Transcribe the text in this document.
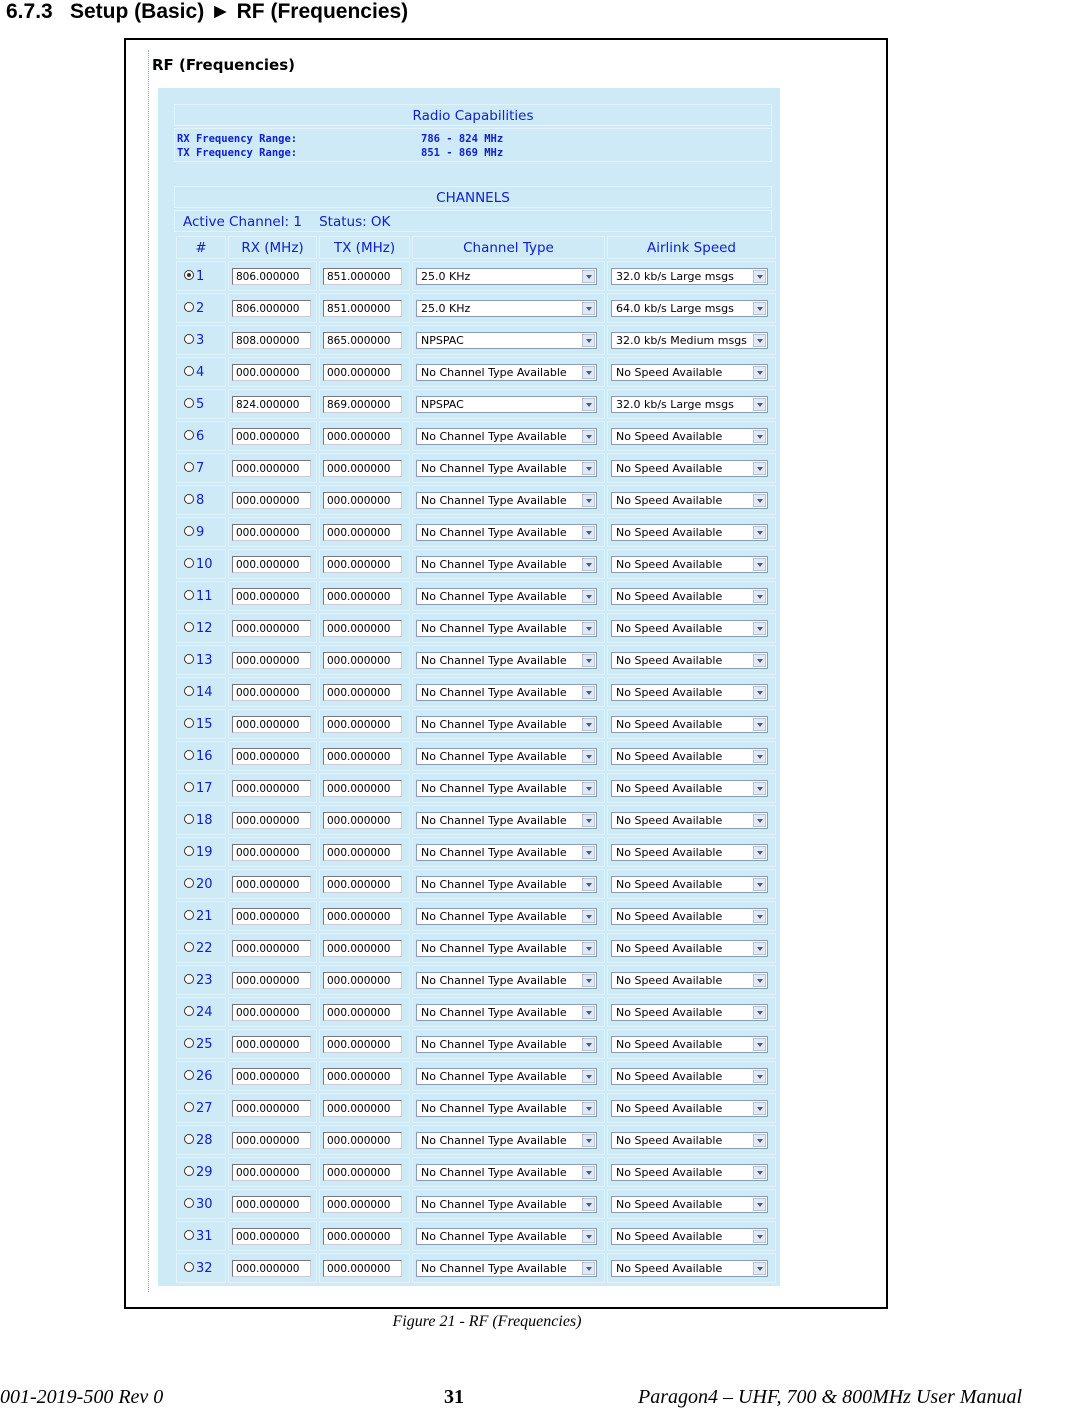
6.7.3 Setup (Basic) ► RF (Frequencies)
RF (Frequencies)
Radio Capabilities
RX Frequency Range:	786 - 824 MHz
TX Frequency Range:	851 - 869 MHz
CHANNELS
Active Channel: 1 Status: OK
#	RX (MHz)	TX (MHz)	Channel Type	Airlink Speed
1	806.000000	851.000000	25.0 KHz	32.0 kb/s Large msgs

2	806.000000	851.000000	25.0 KHz	64.0 kb/s Large msgs

3	808.000000	865.000000	NPSPAC	32.0 kb/s Medium msgs

4	000.000000	000.000000	No Channel Type Available	No Speed Available

5	824.000000	869.000000	NPSPAC	32.0 kb/s Large msgs

6	000.000000	000.000000	No Channel Type Available	No Speed Available

7	000.000000	000.000000	No Channel Type Available	No Speed Available

8	000.000000	000.000000	No Channel Type Available	No Speed Available

9	000.000000	000.000000	No Channel Type Available	No Speed Available

10	000.000000	000.000000	No Channel Type Available	No Speed Available

11	000.000000	000.000000	No Channel Type Available	No Speed Available

12	000.000000	000.000000	No Channel Type Available	No Speed Available

13	000.000000	000.000000	No Channel Type Available	No Speed Available

14	000.000000	000.000000	No Channel Type Available	No Speed Available

15	000.000000	000.000000	No Channel Type Available	No Speed Available

16	000.000000	000.000000	No Channel Type Available	No Speed Available

17	000.000000	000.000000	No Channel Type Available	No Speed Available

18	000.000000	000.000000	No Channel Type Available	No Speed Available

19	000.000000	000.000000	No Channel Type Available	No Speed Available

20	000.000000	000.000000	No Channel Type Available	No Speed Available

21	000.000000	000.000000	No Channel Type Available	No Speed Available

22	000.000000	000.000000	No Channel Type Available	No Speed Available

23	000.000000	000.000000	No Channel Type Available	No Speed Available

24	000.000000	000.000000	No Channel Type Available	No Speed Available

25	000.000000	000.000000	No Channel Type Available	No Speed Available

26	000.000000	000.000000	No Channel Type Available	No Speed Available

27	000.000000	000.000000	No Channel Type Available	No Speed Available

28	000.000000	000.000000	No Channel Type Available	No Speed Available

29	000.000000	000.000000	No Channel Type Available	No Speed Available

30	000.000000	000.000000	No Channel Type Available	No Speed Available

31	000.000000	000.000000	No Channel Type Available	No Speed Available

32	000.000000	000.000000	No Channel Type Available	No Speed Available
Figure 21 - RF (Frequencies)
001-2019-500 Rev 0	31	Paragon4 – UHF, 700 & 800MHz User Manual
